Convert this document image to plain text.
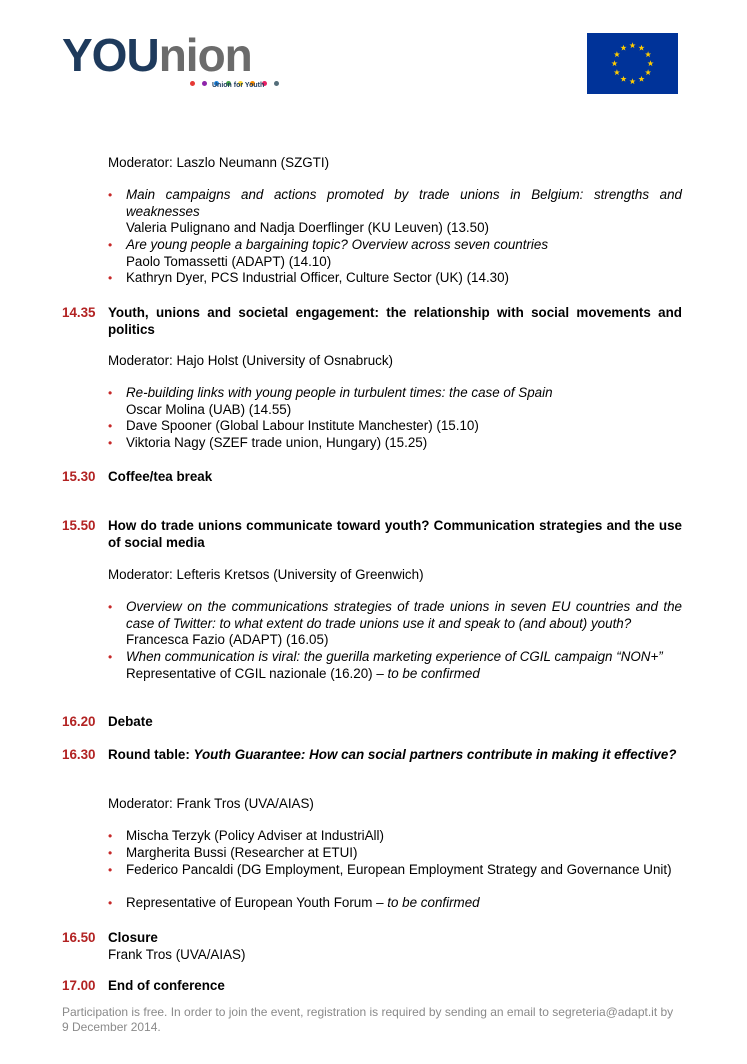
YOUnion
Union for Youth
Moderator: Laszlo Neumann (SZGTI)
• Main campaigns and actions promoted by trade unions in Belgium: strengths and weaknesses
Valeria Pulignano and Nadja Doerflinger (KU Leuven) (13.50)
• Are young people a bargaining topic? Overview across seven countries
Paolo Tomassetti (ADAPT) (14.10)
• Kathryn Dyer, PCS Industrial Officer, Culture Sector (UK) (14.30)
14.35 Youth, unions and societal engagement: the relationship with social movements and politics
Moderator: Hajo Holst (University of Osnabruck)
• Re-building links with young people in turbulent times: the case of Spain
Oscar Molina (UAB) (14.55)
• Dave Spooner (Global Labour Institute Manchester) (15.10)
• Viktoria Nagy (SZEF trade union, Hungary) (15.25)
15.30 Coffee/tea break
15.50 How do trade unions communicate toward youth? Communication strategies and the use of social media
Moderator: Lefteris Kretsos (University of Greenwich)
• Overview on the communications strategies of trade unions in seven EU countries and the case of Twitter: to what extent do trade unions use it and speak to (and about) youth?
Francesca Fazio (ADAPT) (16.05)
• When communication is viral: the guerilla marketing experience of CGIL campaign “NON+”
Representative of CGIL nazionale (16.20) – to be confirmed
16.20 Debate
16.30 Round table: Youth Guarantee: How can social partners contribute in making it effective?
Moderator: Frank Tros (UVA/AIAS)
• Mischa Terzyk (Policy Adviser at IndustriAll)
• Margherita Bussi (Researcher at ETUI)
• Federico Pancaldi (DG Employment, European Employment Strategy and Governance Unit)
• Representative of European Youth Forum – to be confirmed
16.50 Closure
Frank Tros (UVA/AIAS)
17.00 End of conference
Participation is free. In order to join the event, registration is required by sending an email to segreteria@adapt.it by 9 December 2014.
